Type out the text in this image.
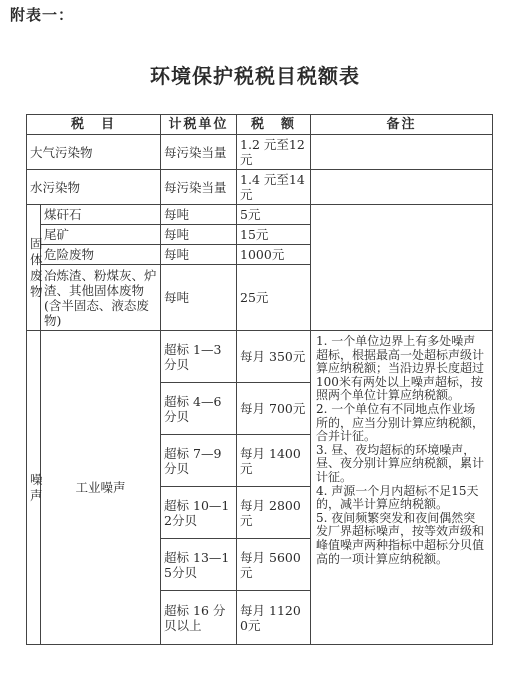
附表一：
环境保护税税目税额表
税　目		计税单位	税　额	备注
大气污染物		每污染当量	1.2 元至12元	
水污染物		每污染当量	1.4 元至14元	
固体废物	煤矸石	每吨	5元	
	尾矿	每吨	15元	
	危险废物	每吨	1000元	
	冶炼渣、粉煤灰、炉渣、其他固体废物(含半固态、液态废物)	每吨	25元	
噪声	工业噪声	超标 1—3分贝	每月 350元	1. 一个单位边界上有多处噪声超标，根据最高一处超标声级计算应纳税额；当沿边界长度超过100米有两处以上噪声超标，按照两个单位计算应纳税额。

2. 一个单位有不同地点作业场所的，应当分别计算应纳税额，合并计征。

3. 昼、夜均超标的环境噪声，昼、夜分别计算应纳税额，累计计征。

4. 声源一个月内超标不足15天的，减半计算应纳税额。

5. 夜间频繁突发和夜间偶然突发厂界超标噪声，按等效声级和峰值噪声两种指标中超标分贝值高的一项计算应纳税额。

		超标 4—6分贝	每月 700元	
		超标 7—9分贝	每月 1400元	
		超标 10—12分贝	每月 2800元	
		超标 13—15分贝	每月 5600元	
		超标 16 分贝以上	每月 11200元	
